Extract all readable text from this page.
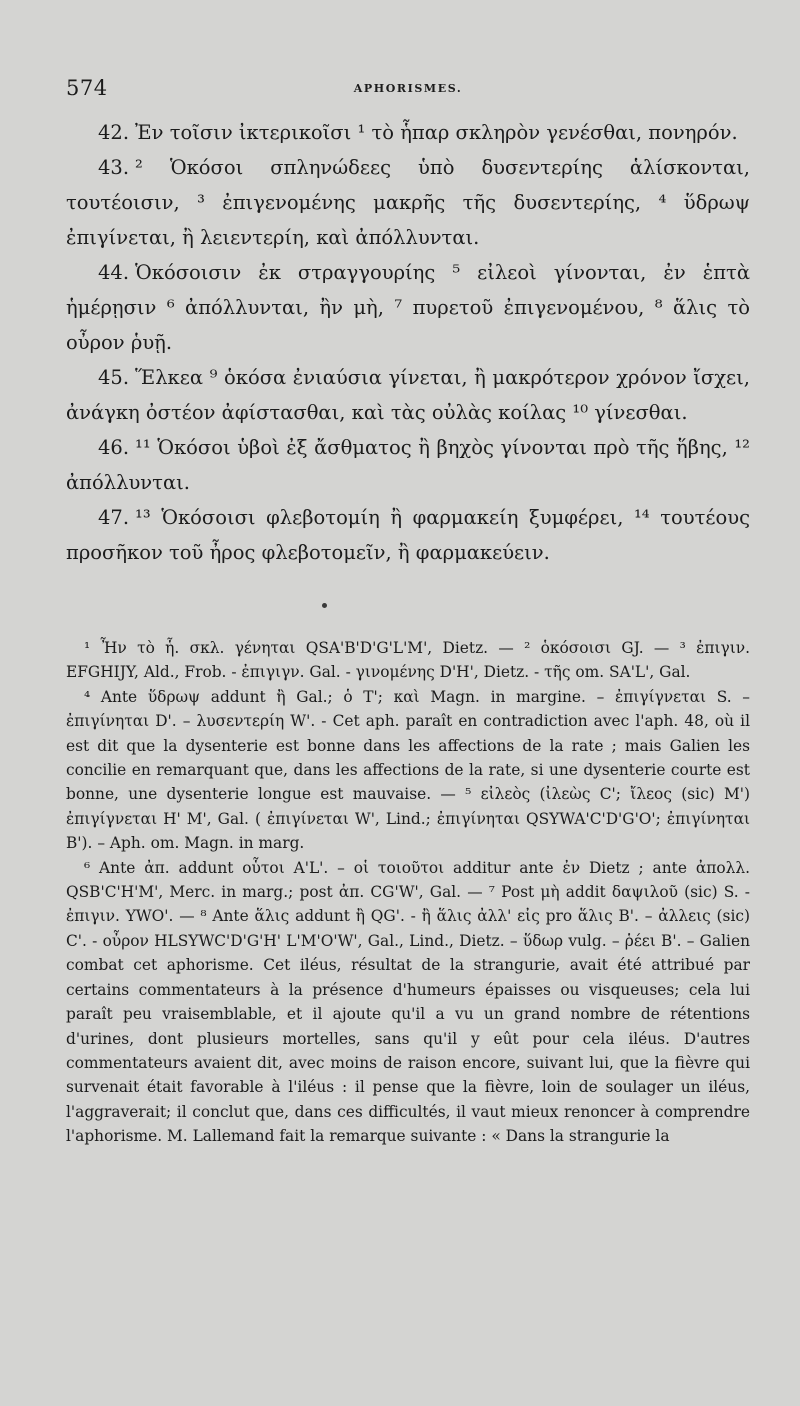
574	APHORISMES.

42. Ἐν τοῖσιν ἰκτερικοῖσι ¹ τὸ ἧπαρ σκληρὸν γενέσθαι, πονηρόν.

43. ² Ὁκόσοι σπληνώδεες ὑπὸ δυσεντερίης ἁλίσκονται, τουτέοισιν, ³ ἐπιγενομένης μακρῆς τῆς δυσεντερίης, ⁴ ὕδρωψ ἐπιγίνεται, ἢ λειεντερίη, καὶ ἀπόλλυνται.

44. Ὁκόσοισιν ἐκ στραγγουρίης ⁵ εἰλεοὶ γίνονται, ἐν ἑπτὰ ἡμέρῃσιν ⁶ ἀπόλλυνται, ἢν μὴ, ⁷ πυρετοῦ ἐπιγενομένου, ⁸ ἅλις τὸ οὖρον ῥυῇ.

45. Ἕλκεα ⁹ ὁκόσα ἐνιαύσια γίνεται, ἢ μακρότερον χρόνον ἴσχει, ἀνάγκη ὀστέον ἀφίστασθαι, καὶ τὰς οὐλὰς κοίλας ¹⁰ γίνεσθαι.

46. ¹¹ Ὁκόσοι ὑβοὶ ἐξ ἄσθματος ἢ βηχὸς γίνονται πρὸ τῆς ἥβης, ¹² ἀπόλλυνται.

47. ¹³ Ὁκόσοισι φλεβοτομίη ἢ φαρμακείη ξυμφέρει, ¹⁴ τουτέους προσῆκον τοῦ ἦρος φλεβοτομεῖν, ἢ φαρμακεύειν.

¹ Ἦν τὸ ἧ. σκλ. γένηται QSA'B'D'G'L'M', Dietz. — ² ὁκόσοισι GJ. — ³ ἐπιγιν. EFGHIJY, Ald., Frob. - ἐπιγιγν. Gal. - γινομένης D'H', Dietz. - τῆς om. SA'L', Gal.

⁴ Ante ὕδρωψ addunt ἢ Gal.; ὁ T'; καὶ Magn. in margine. – ἐπιγίγνεται S. – ἐπιγίνηται D'. – λυσεντερίη W'. - Cet aph. paraît en contradiction avec l'aph. 48, où il est dit que la dysenterie est bonne dans les affections de la rate ; mais Galien les concilie en remarquant que, dans les affections de la rate, si une dysenterie courte est bonne, une dysenterie longue est mauvaise. — ⁵ εἰλεὸς (ἰλεὼς C'; ἴλεος (sic) M') ἐπιγίγνεται H' M', Gal. ( ἐπιγίνεται W', Lind.; ἐπιγίνηται QSYWA'C'D'G'O'; ἐπιγίνηται B'). – Aph. om. Magn. in marg.

⁶ Ante ἀπ. addunt οὗτοι A'L'. – οἱ τοιοῦτοι additur ante ἐν Dietz ; ante ἀπολλ. QSB'C'H'M', Merc. in marg.; post ἀπ. CG'W', Gal. — ⁷ Post μὴ addit δαψιλοῦ (sic) S. - ἐπιγιν. YWO'. — ⁸ Ante ἅλις addunt ἢ QG'. - ἢ ἅλις ἀλλ' εἰς pro ἅλις B'. – ἀλλεις (sic) C'. - οὖρον HLSYWC'D'G'H' L'M'O'W', Gal., Lind., Dietz. – ὕδωρ vulg. – ῥέει B'. – Galien combat cet aphorisme. Cet iléus, résultat de la strangurie, avait été attribué par certains commentateurs à la présence d'humeurs épaisses ou visqueuses; cela lui paraît peu vraisemblable, et il ajoute qu'il a vu un grand nombre de rétentions d'urines, dont plusieurs mortelles, sans qu'il y eût pour cela iléus. D'autres commentateurs avaient dit, avec moins de raison encore, suivant lui, que la fièvre qui survenait était favorable à l'iléus : il pense que la fièvre, loin de soulager un iléus, l'aggraverait; il conclut que, dans ces difficultés, il vaut mieux renoncer à comprendre l'aphorisme. M. Lallemand fait la remarque suivante : « Dans la strangurie la
